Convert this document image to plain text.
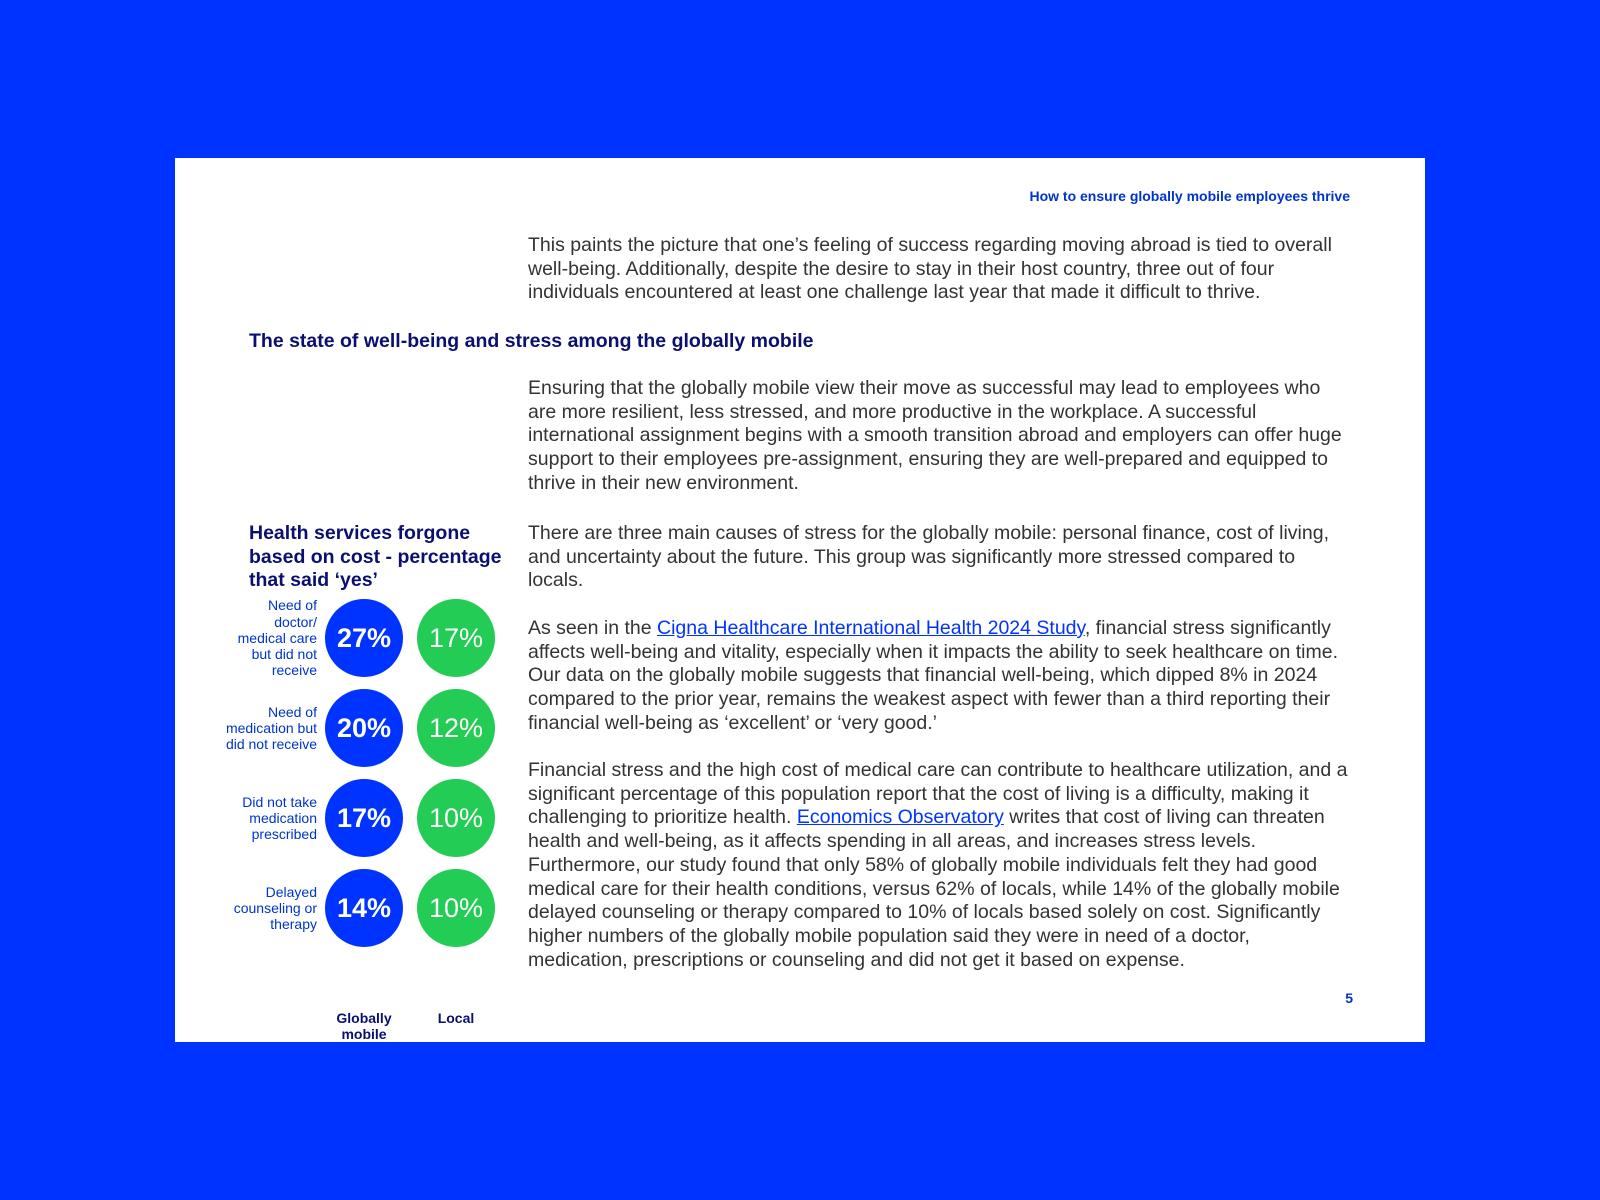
How to ensure globally mobile employees thrive

This paints the picture that one’s feeling of success regarding moving abroad is tied to overall well-being. Additionally, despite the desire to stay in their host country, three out of four individuals encountered at least one challenge last year that made it difficult to thrive.

The state of well-being and stress among the globally mobile

Ensuring that the globally mobile view their move as successful may lead to employees who are more resilient, less stressed, and more productive in the workplace. A successful international assignment begins with a smooth transition abroad and employers can offer huge support to their employees pre-assignment, ensuring they are well-prepared and equipped to thrive in their new environment.

Health services forgone based on cost - percentage that said ‘yes’

There are three main causes of stress for the globally mobile: personal finance, cost of living, and uncertainty about the future. This group was significantly more stressed compared to locals.

As seen in the Cigna Healthcare International Health 2024 Study, financial stress significantly affects well-being and vitality, especially when it impacts the ability to seek healthcare on time. Our data on the globally mobile suggests that financial well-being, which dipped 8% in 2024 compared to the prior year, remains the weakest aspect with fewer than a third reporting their financial well-being as ‘excellent’ or ‘very good.’

Financial stress and the high cost of medical care can contribute to healthcare utilization, and a significant percentage of this population report that the cost of living is a difficulty, making it challenging to prioritize health. Economics Observatory writes that cost of living can threaten health and well-being, as it affects spending in all areas, and increases stress levels. Furthermore, our study found that only 58% of globally mobile individuals felt they had good medical care for their health conditions, versus 62% of locals, while 14% of the globally mobile delayed counseling or therapy compared to 10% of locals based solely on cost. Significantly higher numbers of the globally mobile population said they were in need of a doctor, medication, prescriptions or counseling and did not get it based on expense.

Globally mobile
Local
Need of doctor/ medical care but did not receive
27%	17%
Need of medication but did not receive
20%	12%
Did not take medication prescribed
17%	10%
Delayed counseling or therapy
14%	10%
5
